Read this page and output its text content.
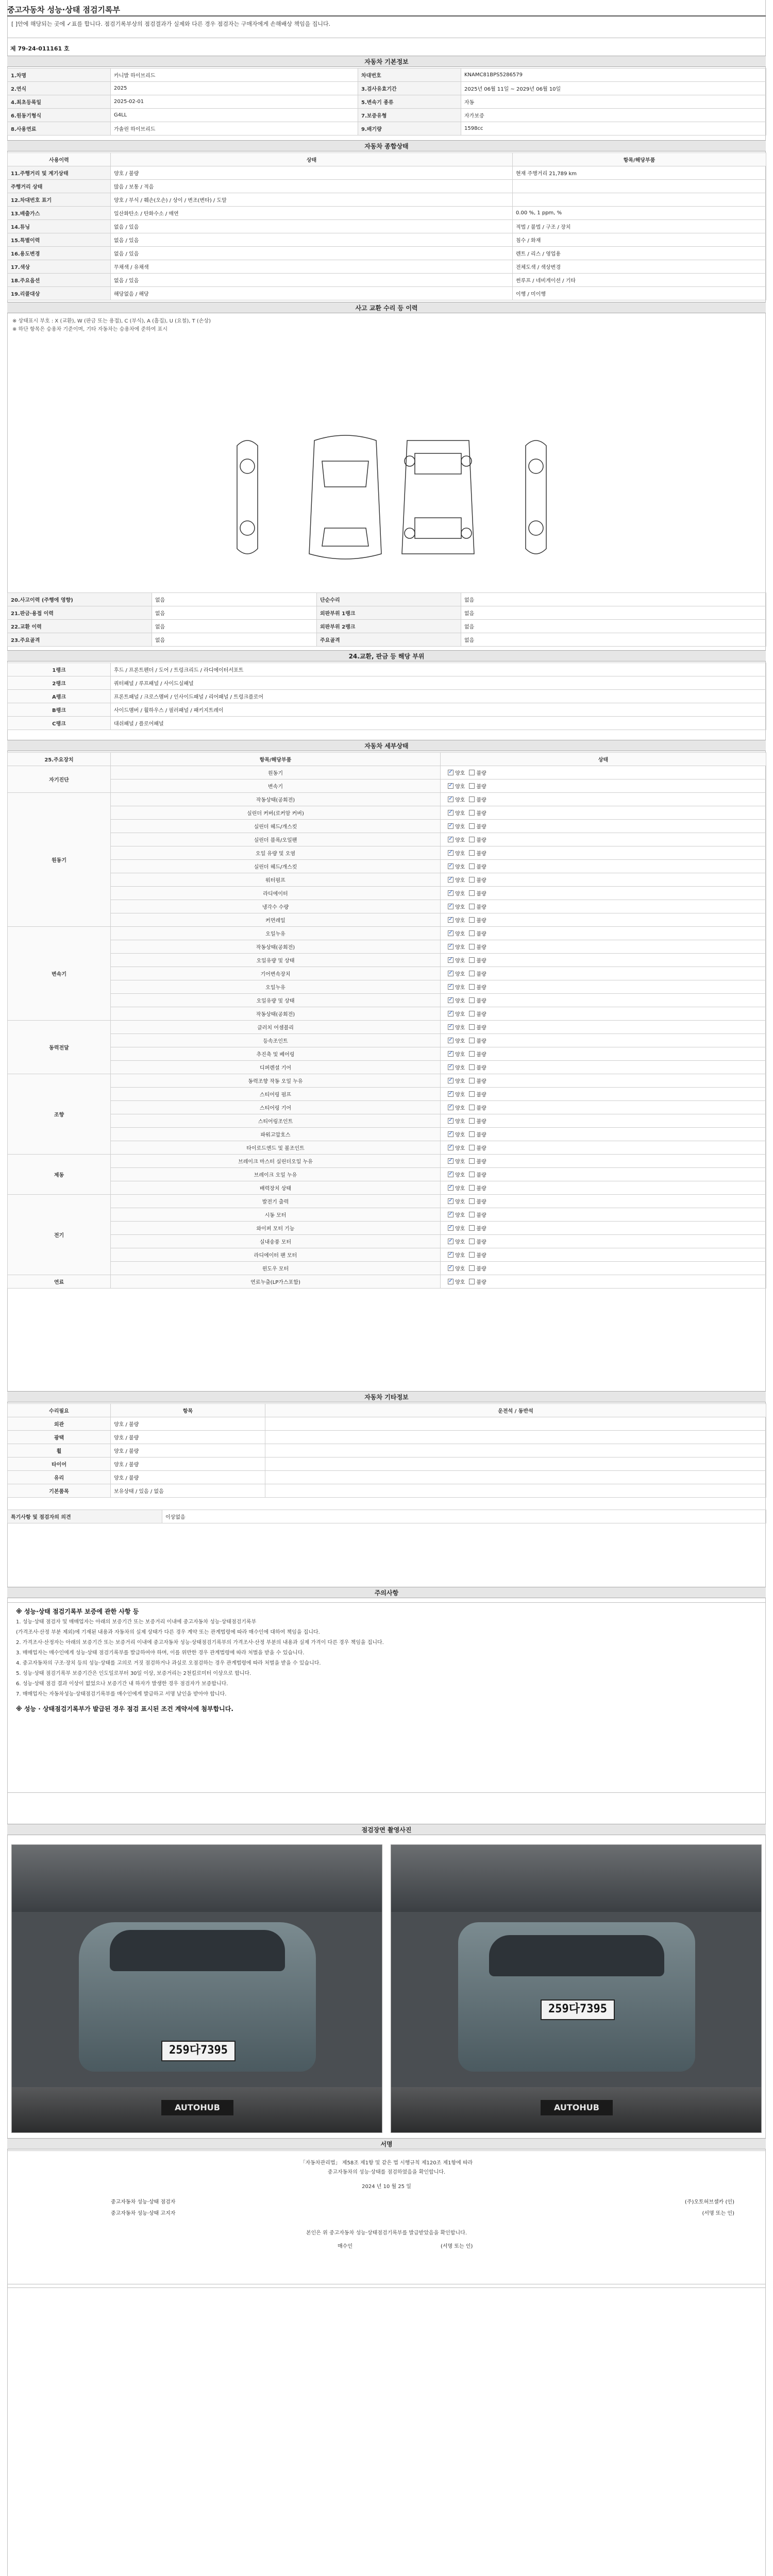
중고자동차 성능·상태 점검기록부
[ ]안에 해당되는 곳에 ✓표를 합니다. 점검기록부상의 점검결과가 실제와 다른 경우 점검자는 구매자에게 손해배상 책임을 집니다.
제 79-24-011161 호
자동차 기본정보
1.차명	카니발 하이브리드	차대번호	KNAMC81BPS5286579
2.연식	2025	3.검사유효기간	2025년 06월 11일 ~ 2029년 06월 10일
4.최초등록일	2025-02-01	5.변속기 종류	자동
6.원동기형식	G4LL	7.보증유형	자가보증
8.사용연료	가솔린 하이브리드	9.배기량	1598cc
자동차 종합상태
사용이력	상태	항목/해당부품
11.주행거리 및 계기상태	양호 / 불량	현재 주행거리 21,789 km
주행거리 상태	많음 / 보통 / 적음	
12.차대번호 표기	양호 / 부식 / 훼손(오손) / 상이 / 변조(변타) / 도말	
13.배출가스	일산화탄소 / 탄화수소 / 매연	0.00 %, 1 ppm, %
14.튜닝	없음 / 있음	적법 / 불법 / 구조 / 장치
15.특별이력	없음 / 있음	침수 / 화재
16.용도변경	없음 / 있음	렌트 / 리스 / 영업용
17.색상	무채색 / 유채색	전체도색 / 색상변경
18.주요옵션	없음 / 있음	썬루프 / 네비게이션 / 기타
19.리콜대상	해당없음 / 해당	이행 / 미이행
사고 교환 수리 등 이력
※ 상태표시 부호 : X (교환), W (판금 또는 용접), C (부식), A (흠집), U (요철), T (손상)
※ 하단 항목은 승용차 기준이며, 기타 자동차는 승용차에 준하여 표시
20.사고이력 (주행에 영향)	없음	단순수리	없음
21.판금·용접 이력	없음	외판부위 1랭크	없음
22.교환 이력	없음	외판부위 2랭크	없음
23.주요골격	없음	주요골격	없음
24.교환, 판금 등 해당 부위
1랭크	후드 / 프론트펜더 / 도어 / 트렁크리드 / 라디에이터서포트
2랭크	쿼터패널 / 루프패널 / 사이드실패널
A랭크	프론트패널 / 크로스멤버 / 인사이드패널 / 리어패널 / 트렁크플로어
B랭크	사이드멤버 / 휠하우스 / 필러패널 / 패키지트레이
C랭크	대쉬패널 / 플로어패널
자동차 세부상태
25.주요장치	항목/해당부품	상태
자기진단	원동기	✓양호 불량
	변속기	✓양호 불량
원동기	작동상태(공회전)	✓양호 불량
	실린더 커버(로커암 커버)	✓양호 불량
	실린더 헤드/개스킷	✓양호 불량
	실린더 블록/오일팬	✓양호 불량
	오일 유량 및 오염	✓양호 불량
	실린더 헤드/개스킷	✓양호 불량
	워터펌프	✓양호 불량
	라디에이터	✓양호 불량
	냉각수 수량	✓양호 불량
	커먼레일	✓양호 불량
변속기	오일누유	✓양호 불량
	작동상태(공회전)	✓양호 불량
	오일유량 및 상태	✓양호 불량
	기어변속장치	✓양호 불량
	오일누유	✓양호 불량
	오일유량 및 상태	✓양호 불량
	작동상태(공회전)	✓양호 불량
동력전달	클러치 어셈블리	✓양호 불량
	등속조인트	✓양호 불량
	추진축 및 베어링	✓양호 불량
	디퍼렌셜 기어	✓양호 불량
조향	동력조향 작동 오일 누유	✓양호 불량
	스티어링 펌프	✓양호 불량
	스티어링 기어	✓양호 불량
	스티어링조인트	✓양호 불량
	파워고압호스	✓양호 불량
	타이로드엔드 및 볼조인트	✓양호 불량
제동	브레이크 마스터 실린더오일 누유	✓양호 불량
	브레이크 오일 누유	✓양호 불량
	배력장치 상태	✓양호 불량
전기	발전기 출력	✓양호 불량
	시동 모터	✓양호 불량
	와이퍼 모터 기능	✓양호 불량
	실내송풍 모터	✓양호 불량
	라디에이터 팬 모터	✓양호 불량
	윈도우 모터	✓양호 불량
연료	연료누출(LP가스포함)	✓양호 불량
자동차 기타정보
수리필요	항목	운전석 / 동반석
외관	양호 / 불량	
광택	양호 / 불량	
휠	양호 / 불량	
타이어	양호 / 불량	
유리	양호 / 불량	
기본품목	보유상태 / 있음 / 없음	
특기사항 및 점검자의 의견	이상없음
주의사항

※ 성능·상태 점검기록부 보증에 관한 사항 등

1. 성능·상태 점검자 및 매매업자는 아래의 보증기간 또는 보증거리 이내에 중고자동차 성능·상태점검기록부

(가격조사·산정 부분 제외)에 기재된 내용과 자동차의 실제 상태가 다른 경우 계약 또는 관계법령에 따라 매수인에 대하여 책임을 집니다.

2. 가격조사·산정자는 아래의 보증기간 또는 보증거리 이내에 중고자동차 성능·상태점검기록부의 가격조사·산정 부분의 내용과 실제 가격이 다른 경우 책임을 집니다.

3. 매매업자는 매수인에게 성능·상태 점검기록부를 발급하여야 하며, 이를 위반한 경우 관계법령에 따라 처벌을 받을 수 있습니다.

4. 중고자동차의 구조·장치 등의 성능·상태를 고의로 거짓 점검하거나 과실로 오점검하는 경우 관계법령에 따라 처벌을 받을 수 있습니다.

5. 성능·상태 점검기록부 보증기간은 인도일로부터 30일 이상, 보증거리는 2천킬로미터 이상으로 합니다.

6. 성능·상태 점검 결과 이상이 없었으나 보증기간 내 하자가 발생한 경우 점검자가 보증합니다.

7. 매매업자는 자동차성능·상태점검기록부를 매수인에게 발급하고 서명 날인을 받아야 합니다.

※ 성능 · 상태점검기록부가 발급된 경우 점검 표시된 조건 계약서에 첨부합니다.

점검장면 촬영사진
259다7395
AUTOHUB
259다7395
AUTOHUB
서명
「자동차관리법」 제58조 제1항 및 같은 법 시행규칙 제120조 제1항에 따라
중고자동차의 성능·상태를 점검하였음을 확인합니다.
2024 년 10 월 25 일
중고자동차 성능·상태 점검자	(주)오토허브셀카 (인)
중고자동차 성능·상태 고지자	(서명 또는 인)
본인은 위 중고자동차 성능·상태점검기록부를 발급받았음을 확인합니다.
매수인	(서명 또는 인)
